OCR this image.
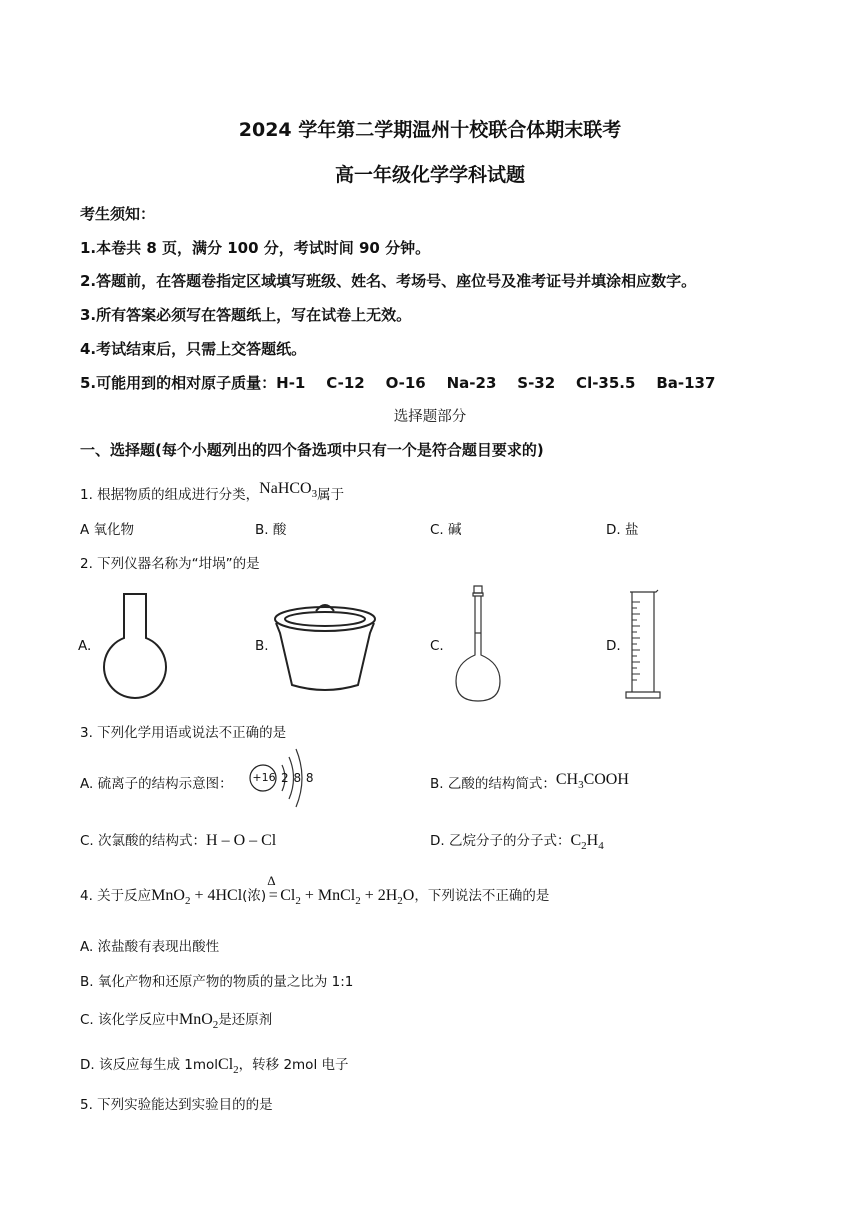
2024 学年第二学期温州十校联合体期末联考
高一年级化学学科试题
考生须知：
1.本卷共 8 页，满分 100 分，考试时间 90 分钟。
2.答题前，在答题卷指定区域填写班级、姓名、考场号、座位号及准考证号并填涂相应数字。
3.所有答案必须写在答题纸上，写在试卷上无效。
4.考试结束后，只需上交答题纸。
5.可能用到的相对原子质量：H-1    C-12    O-16    Na-23    S-32    Cl-35.5    Ba-137
选择题部分
一、选择题(每个小题列出的四个备选项中只有一个是符合题目要求的)
1. 根据物质的组成进行分类，NaHCO$_3$属于
A 氧化物	B. 酸	C. 碱	D. 盐
2. 下列仪器名称为“坩埚”的是
A.	B.	C.	D.
3. 下列化学用语或说法不正确的是
A. 硫离子的结构示意图： +16 2 8 8	B. 乙酸的结构简式：$CH_3COOH$
C. 次氯酸的结构式：H – O – Cl	D. 乙烷分子的分子式：$C_2H_4$
4. 关于反应MnO$_2$ + 4HCl(浓)
Δ
= $Cl_2$ + MnCl$_2$ + $2H_2O$，下列说法不正确的是
A. 浓盐酸有表现出酸性
B. 氧化产物和还原产物的物质的量之比为 1:1
C. 该化学反应中MnO$_2$是还原剂
D. 该反应每生成 1molCl$_2$，转移 2mol 电子
5. 下列实验能达到实验目的的是
